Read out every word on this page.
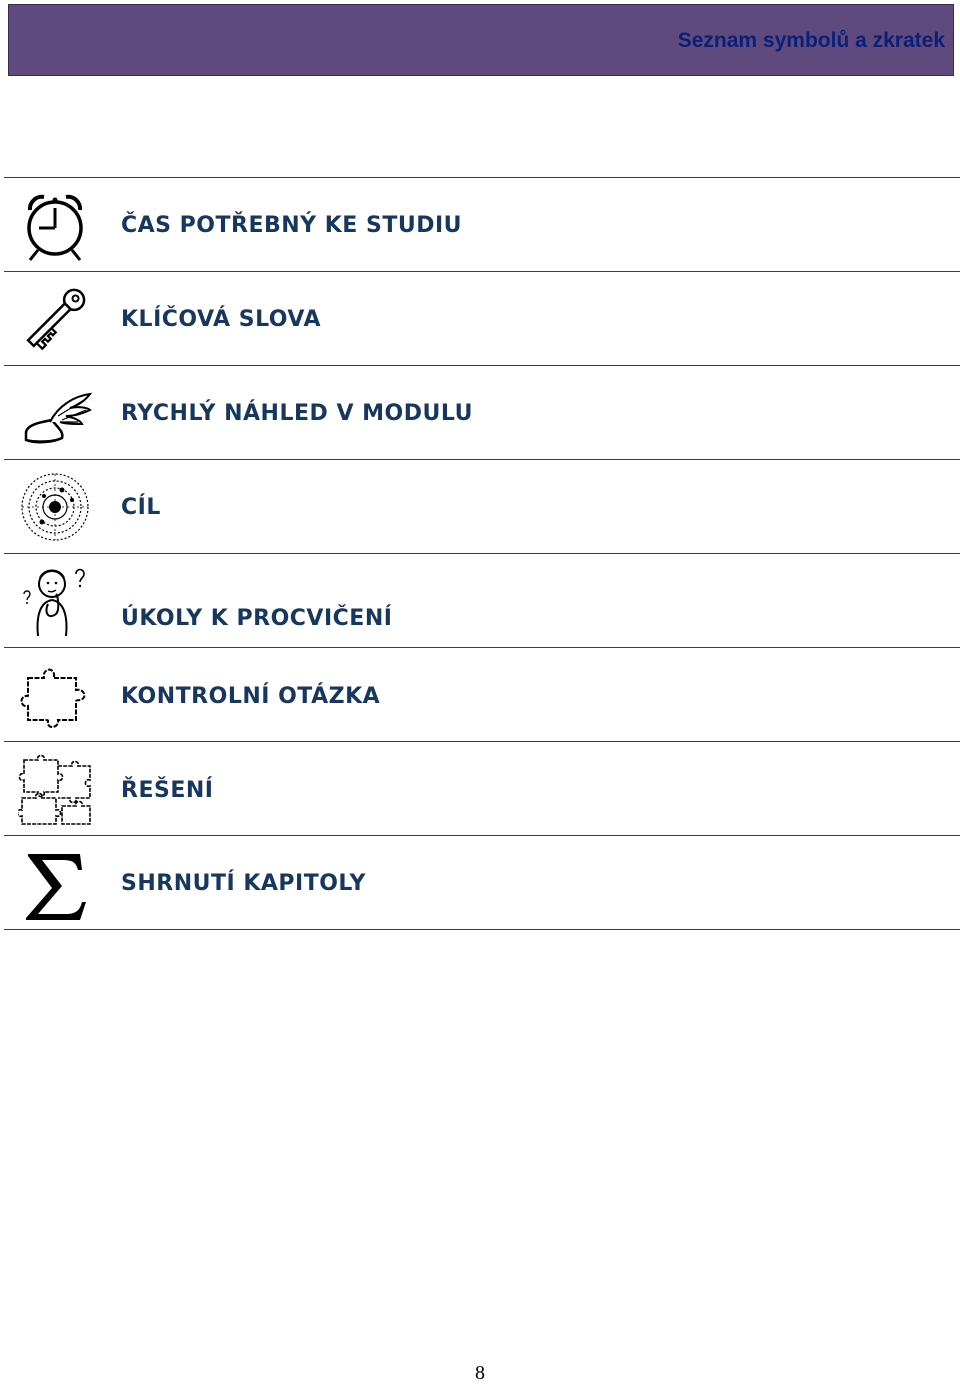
Seznam symbolů a zkratek
ČAS POTŘEBNÝ KE STUDIU
KLÍČOVÁ SLOVA
RYCHLÝ NÁHLED V MODULU
CÍL
ÚKOLY K PROCVIČENÍ
KONTROLNÍ OTÁZKA
ŘEŠENÍ
SHRNUTÍ KAPITOLY
8
